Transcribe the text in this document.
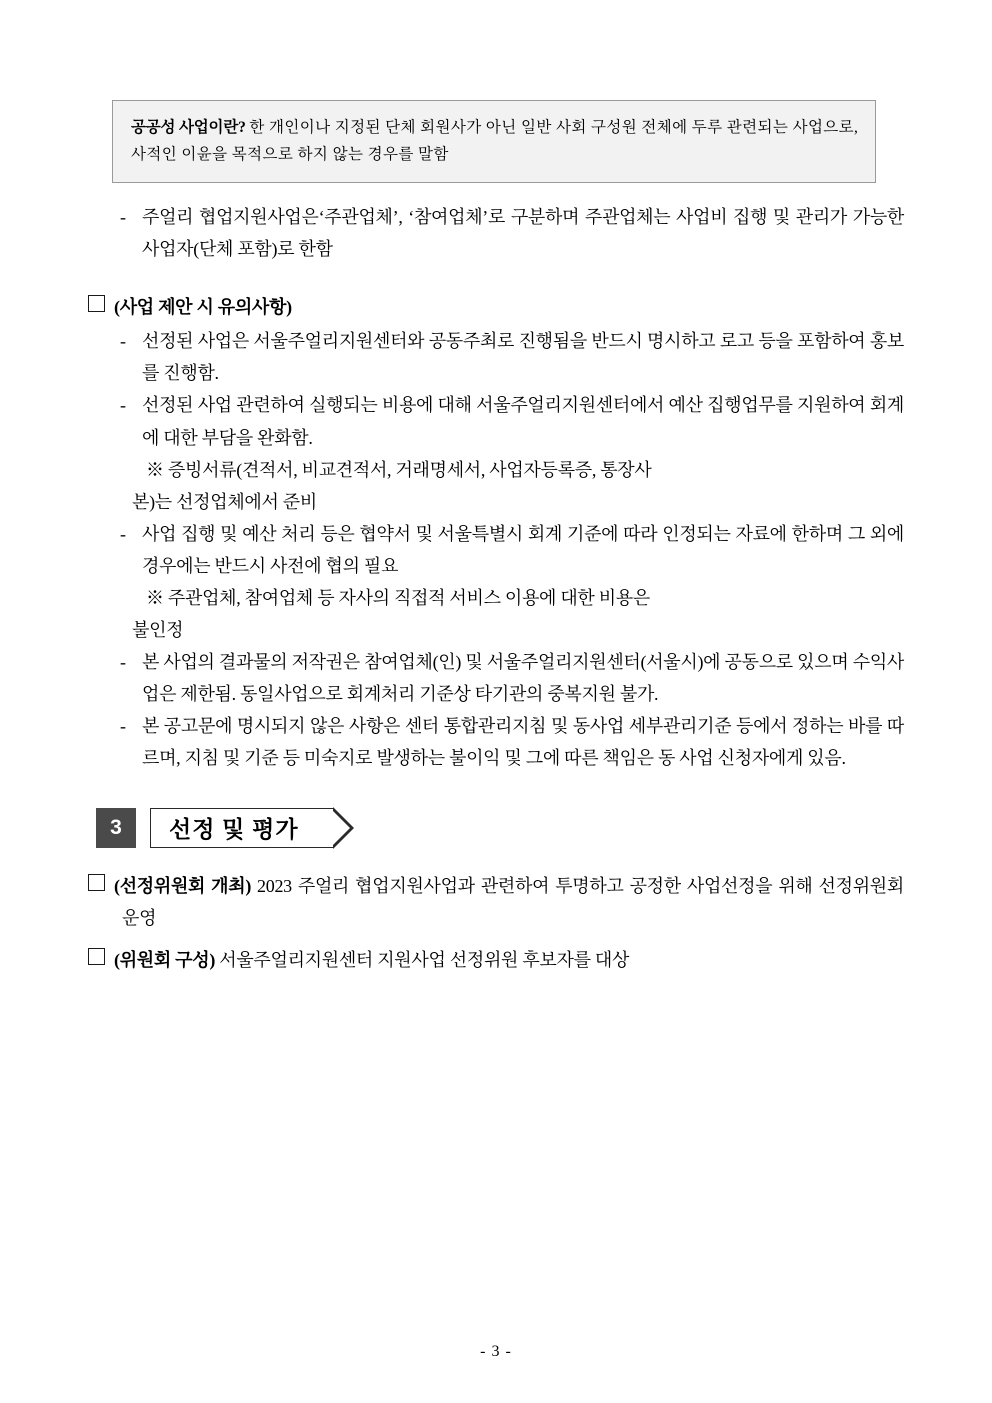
공공성 사업이란? 한 개인이나 지정된 단체 회원사가 아닌 일반 사회 구성원 전체에 두루 관련되는 사업으로, 사적인 이윤을 목적으로 하지 않는 경우를 말함
- 주얼리 협업지원사업은‘주관업체’, ‘참여업체’로 구분하며 주관업체는 사업비 집행 및 관리가 가능한 사업자(단체 포함)로 한함
(사업 제안 시 유의사항)
- 선정된 사업은 서울주얼리지원센터와 공동주최로 진행됨을 반드시 명시하고 로고 등을 포함하여 홍보를 진행함.
- 선정된 사업 관련하여 실행되는 비용에 대해 서울주얼리지원센터에서 예산 집행업무를 지원하여 회계에 대한 부담을 완화함.
※ 증빙서류(견적서, 비교견적서, 거래명세서, 사업자등록증, 통장사
본)는 선정업체에서 준비
- 사업 집행 및 예산 처리 등은 협약서 및 서울특별시 회계 기준에 따라 인정되는 자료에 한하며 그 외에 경우에는 반드시 사전에 협의 필요
※ 주관업체, 참여업체 등 자사의 직접적 서비스 이용에 대한 비용은
불인정
- 본 사업의 결과물의 저작권은 참여업체(인) 및 서울주얼리지원센터(서울시)에 공동으로 있으며 수익사업은 제한됨. 동일사업으로 회계처리 기준상 타기관의 중복지원 불가.
- 본 공고문에 명시되지 않은 사항은 센터 통합관리지침 및 동사업 세부관리기준 등에서 정하는 바를 따르며, 지침 및 기준 등 미숙지로 발생하는 불이익 및 그에 따른 책임은 동 사업 신청자에게 있음.
3	선정 및 평가
(선정위원회 개최) 2023 주얼리 협업지원사업과 관련하여 투명하고 공정한 사업선정을 위해 선정위원회 운영
(위원회 구성) 서울주얼리지원센터 지원사업 선정위원 후보자를 대상
- 3 -
